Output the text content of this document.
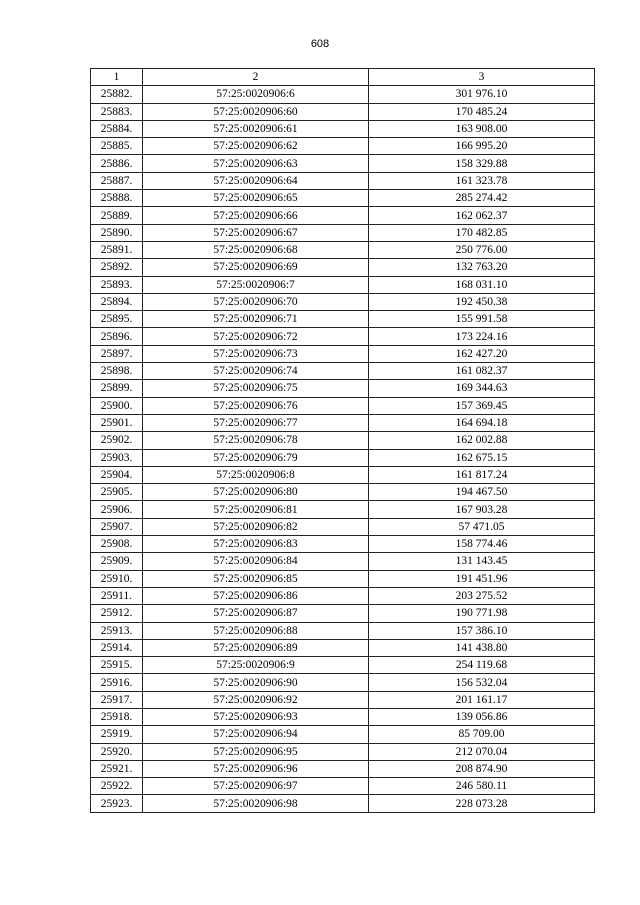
608
1	2	3
25882.	57:25:0020906:6	301 976.10
25883.	57:25:0020906:60	170 485.24
25884.	57:25:0020906:61	163 908.00
25885.	57:25:0020906:62	166 995.20
25886.	57:25:0020906:63	158 329.88
25887.	57:25:0020906:64	161 323.78
25888.	57:25:0020906:65	285 274.42
25889.	57:25:0020906:66	162 062.37
25890.	57:25:0020906:67	170 482.85
25891.	57:25:0020906:68	250 776.00
25892.	57:25:0020906:69	132 763.20
25893.	57:25:0020906:7	168 031.10
25894.	57:25:0020906:70	192 450.38
25895.	57:25:0020906:71	155 991.58
25896.	57:25:0020906:72	173 224.16
25897.	57:25:0020906:73	162 427.20
25898.	57:25:0020906:74	161 082.37
25899.	57:25:0020906:75	169 344.63
25900.	57:25:0020906:76	157 369.45
25901.	57:25:0020906:77	164 694.18
25902.	57:25:0020906:78	162 002.88
25903.	57:25:0020906:79	162 675.15
25904.	57:25:0020906:8	161 817.24
25905.	57:25:0020906:80	194 467.50
25906.	57:25:0020906:81	167 903.28
25907.	57:25:0020906:82	57 471.05
25908.	57:25:0020906:83	158 774.46
25909.	57:25:0020906:84	131 143.45
25910.	57:25:0020906:85	191 451.96
25911.	57:25:0020906:86	203 275.52
25912.	57:25:0020906:87	190 771.98
25913.	57:25:0020906:88	157 386.10
25914.	57:25:0020906:89	141 438.80
25915.	57:25:0020906:9	254 119.68
25916.	57:25:0020906:90	156 532.04
25917.	57:25:0020906:92	201 161.17
25918.	57:25:0020906:93	139 056.86
25919.	57:25:0020906:94	85 709.00
25920.	57:25:0020906:95	212 070.04
25921.	57:25:0020906:96	208 874.90
25922.	57:25:0020906:97	246 580.11
25923.	57:25:0020906:98	228 073.28
